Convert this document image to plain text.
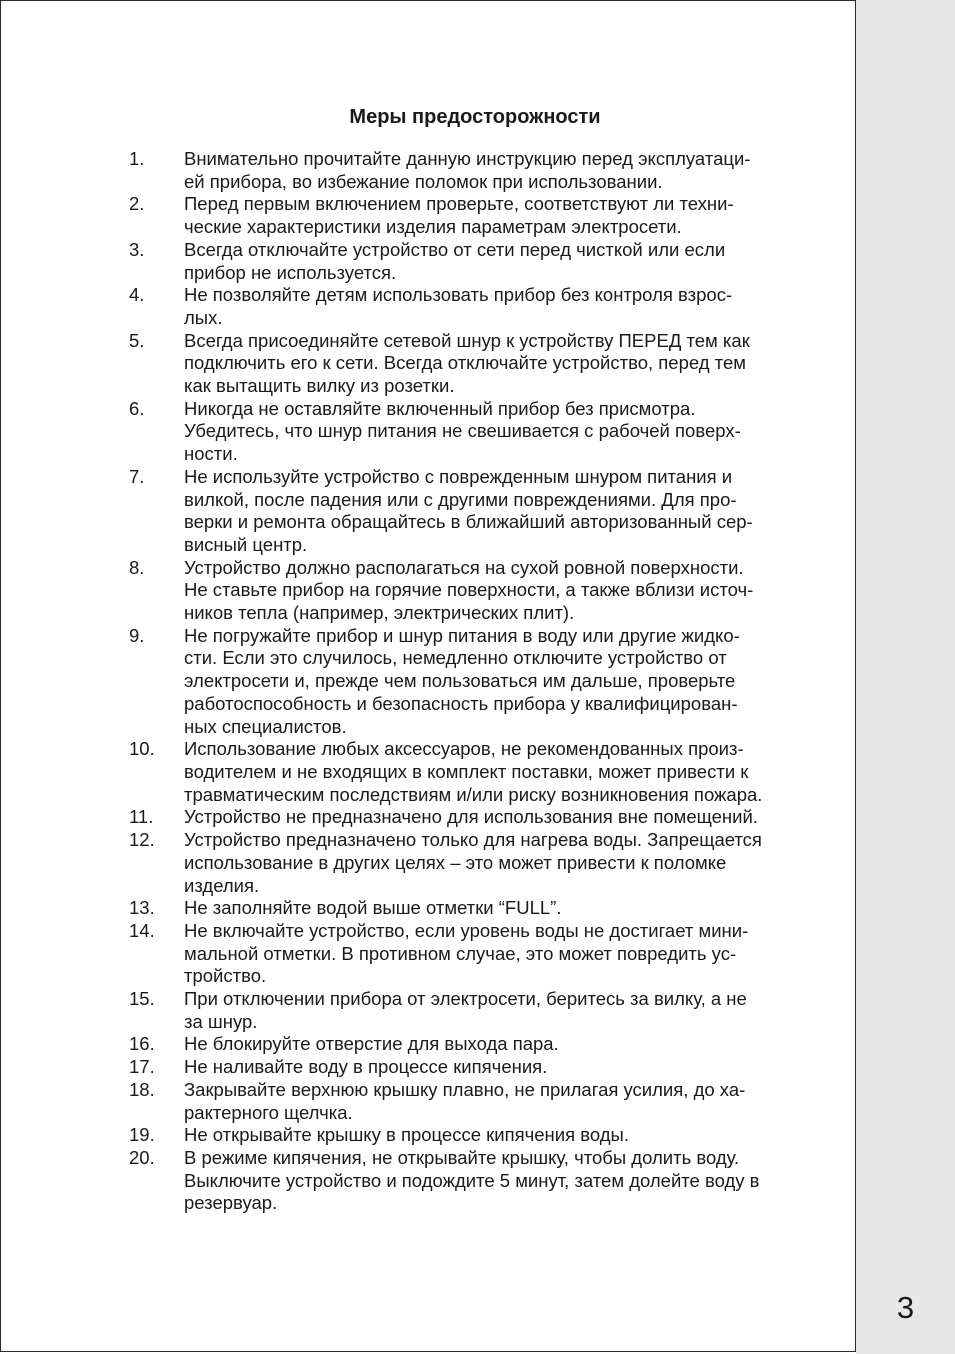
Меры предосторожности
1. Внимательно прочитайте данную инструкцию перед эксплуатаци-
ей прибора, во избежание поломок при использовании.
2. Перед первым включением проверьте, соответствуют ли техни-
ческие характеристики изделия параметрам электросети.
3. Всегда отключайте устройство от сети перед чисткой или если
прибор не используется.
4. Не позволяйте детям использовать прибор без контроля взрос-
лых.
5. Всегда присоединяйте сетевой шнур к устройству ПЕРЕД тем как
подключить его к сети. Всегда отключайте устройство, перед тем
как вытащить вилку из розетки.
6. Никогда не оставляйте включенный прибор без присмотра.
Убедитесь, что шнур питания не свешивается с рабочей поверх-
ности.
7. Не используйте устройство с поврежденным шнуром питания и
вилкой, после падения или с другими повреждениями. Для про-
верки и ремонта обращайтесь в ближайший авторизованный сер-
висный центр.
8. Устройство должно располагаться на сухой ровной поверхности.
Не ставьте прибор на горячие поверхности, а также вблизи источ-
ников тепла (например, электрических плит).
9. Не погружайте прибор и шнур питания в воду или другие жидко-
сти. Если это случилось, немедленно отключите устройство от
электросети и, прежде чем пользоваться им дальше, проверьте
работоспособность и безопасность прибора у квалифицирован-
ных специалистов.
10. Использование любых аксессуаров, не рекомендованных произ-
водителем и не входящих в комплект поставки, может привести к
травматическим последствиям и/или риску возникновения пожара.
11. Устройство не предназначено для использования вне помещений.
12. Устройство предназначено только для нагрева воды. Запрещается
использование в других целях – это может привести к поломке
изделия.
13. Не заполняйте водой выше отметки “FULL”.
14. Не включайте устройство, если уровень воды не достигает мини-
мальной отметки. В противном случае, это может повредить ус-
тройство.
15. При отключении прибора от электросети, беритесь за вилку, а не
за шнур.
16. Не блокируйте отверстие для выхода пара.
17. Не наливайте воду в процессе кипячения.
18. Закрывайте верхнюю крышку плавно, не прилагая усилия, до ха-
рактерного щелчка.
19. Не открывайте крышку в процессе кипячения воды.
20. В режиме кипячения, не открывайте крышку, чтобы долить воду.
Выключите устройство и подождите 5 минут, затем долейте воду в
резервуар.
3
